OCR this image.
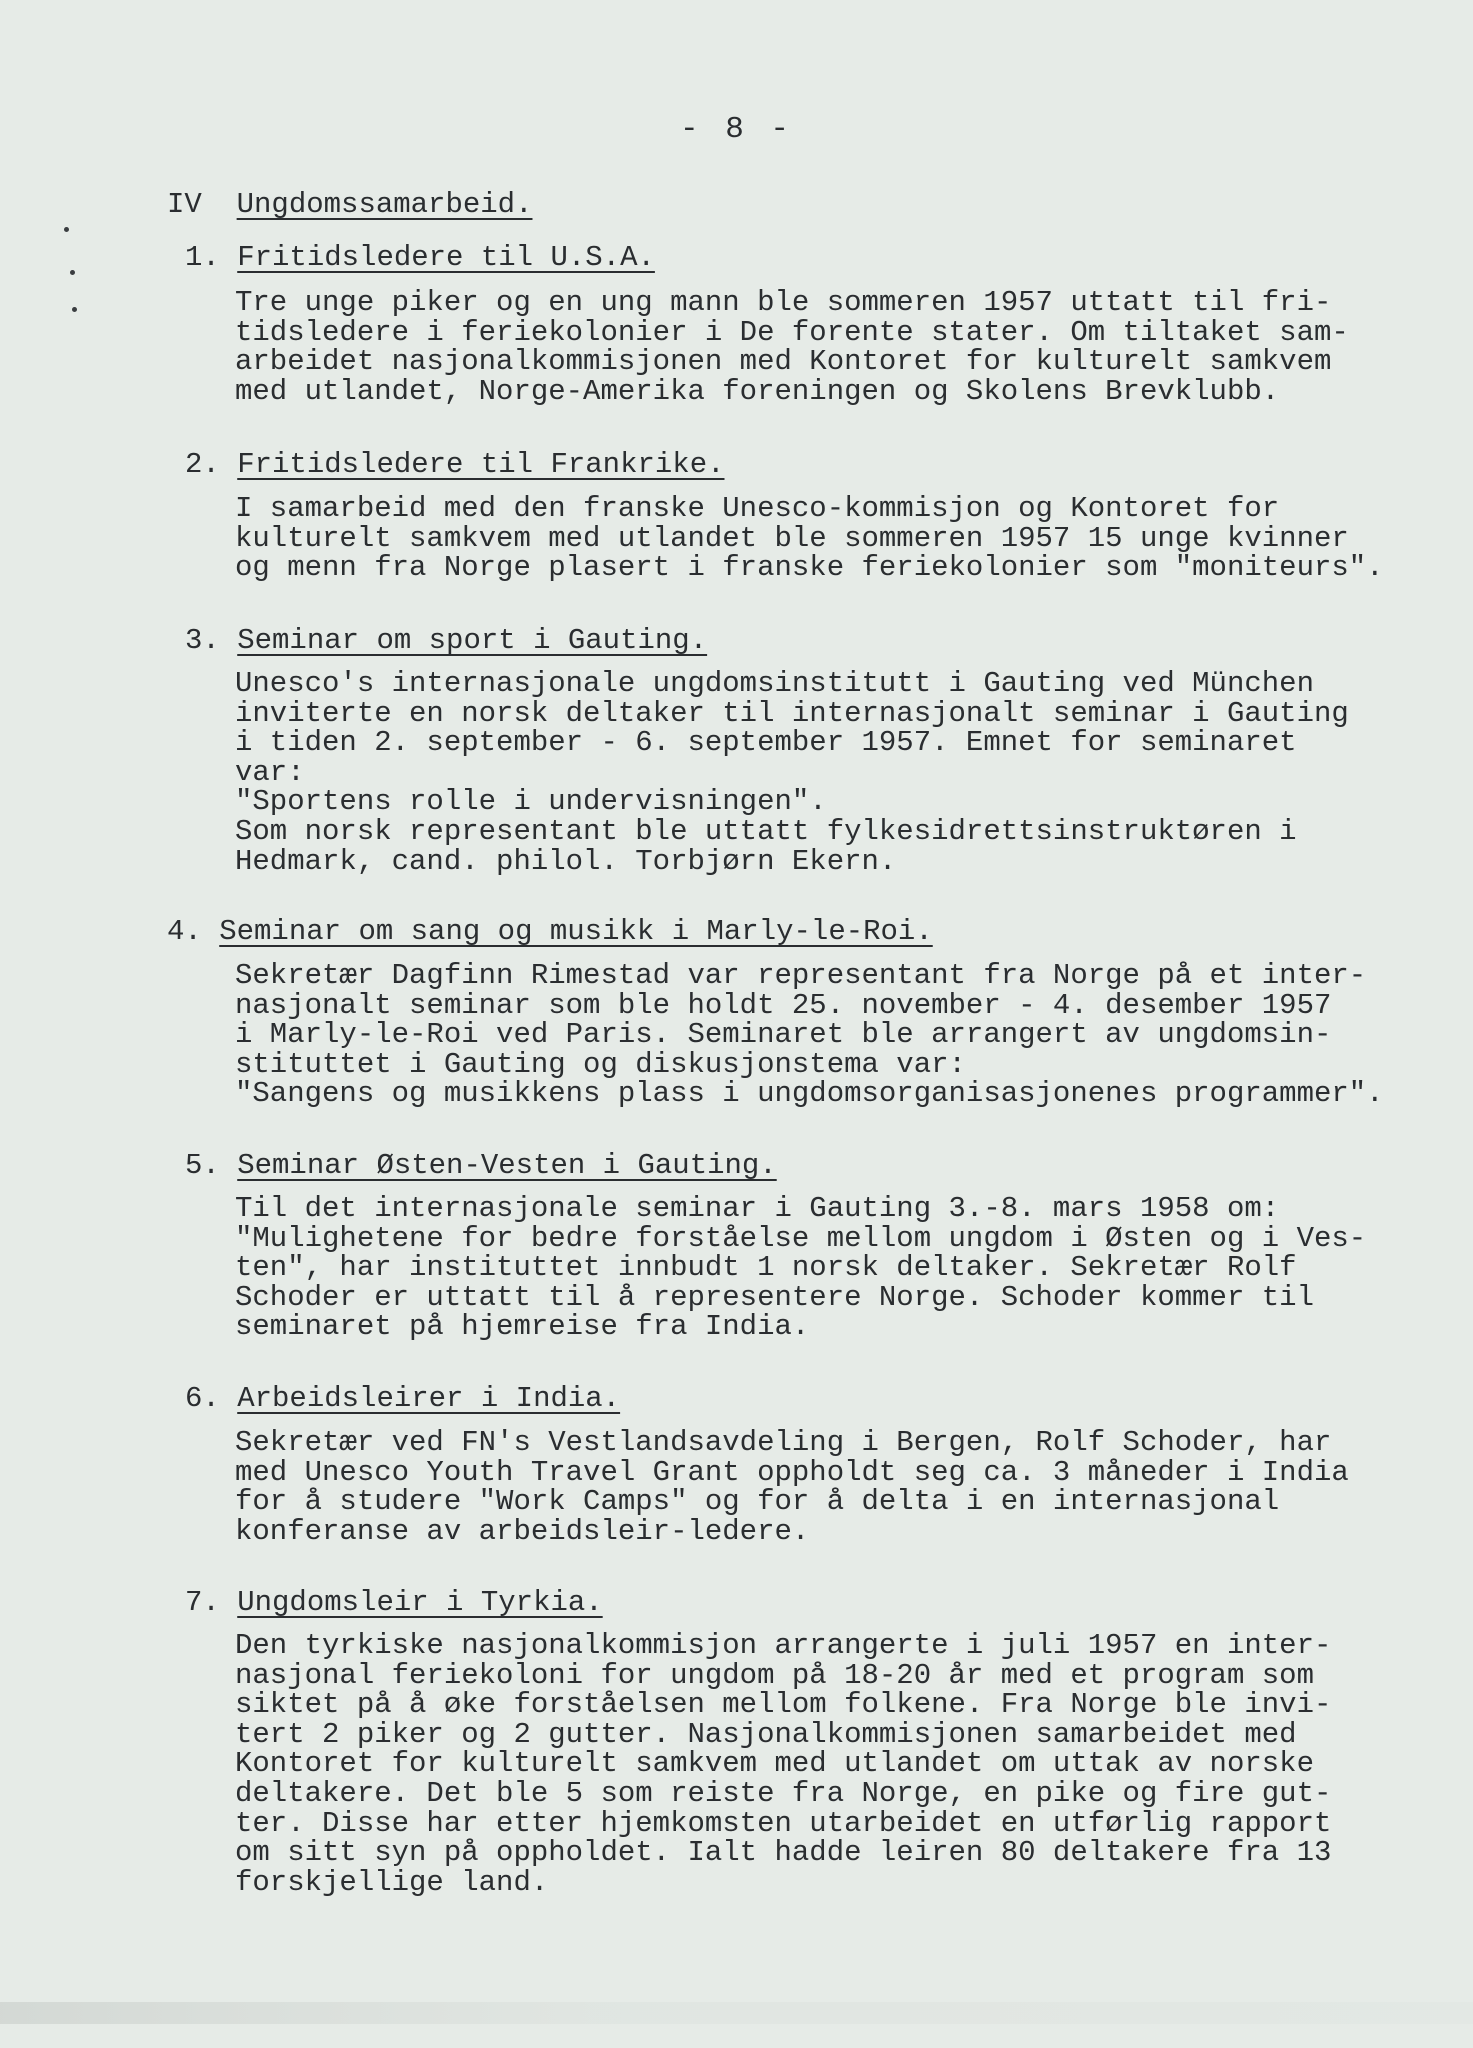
- 8 -
IV Ungdomssamarbeid.
1. Fritidsledere til U.S.A.
Tre unge piker og en ung mann ble sommeren 1957 uttatt til fri-
tidsledere i feriekolonier i De forente stater. Om tiltaket sam-
arbeidet nasjonalkommisjonen med Kontoret for kulturelt samkvem
med utlandet, Norge-Amerika foreningen og Skolens Brevklubb.
2. Fritidsledere til Frankrike.
I samarbeid med den franske Unesco-kommisjon og Kontoret for
kulturelt samkvem med utlandet ble sommeren 1957 15 unge kvinner
og menn fra Norge plasert i franske feriekolonier som "moniteurs".
3. Seminar om sport i Gauting.
Unesco's internasjonale ungdomsinstitutt i Gauting ved München
inviterte en norsk deltaker til internasjonalt seminar i Gauting
i tiden 2. september - 6. september 1957. Emnet for seminaret
var:
"Sportens rolle i undervisningen".
Som norsk representant ble uttatt fylkesidrettsinstruktøren i
Hedmark, cand. philol. Torbjørn Ekern.
4. Seminar om sang og musikk i Marly-le-Roi.
Sekretær Dagfinn Rimestad var representant fra Norge på et inter-
nasjonalt seminar som ble holdt 25. november - 4. desember 1957
i Marly-le-Roi ved Paris. Seminaret ble arrangert av ungdomsin-
stituttet i Gauting og diskusjonstema var:
"Sangens og musikkens plass i ungdomsorganisasjonenes programmer".
5. Seminar Østen-Vesten i Gauting.
Til det internasjonale seminar i Gauting 3.-8. mars 1958 om:
"Mulighetene for bedre forståelse mellom ungdom i Østen og i Ves-
ten", har instituttet innbudt 1 norsk deltaker. Sekretær Rolf
Schoder er uttatt til å representere Norge. Schoder kommer til
seminaret på hjemreise fra India.
6. Arbeidsleirer i India.
Sekretær ved FN's Vestlandsavdeling i Bergen, Rolf Schoder, har
med Unesco Youth Travel Grant oppholdt seg ca. 3 måneder i India
for å studere "Work Camps" og for å delta i en internasjonal
konferanse av arbeidsleir-ledere.
7. Ungdomsleir i Tyrkia.
Den tyrkiske nasjonalkommisjon arrangerte i juli 1957 en inter-
nasjonal feriekoloni for ungdom på 18-20 år med et program som
siktet på å øke forståelsen mellom folkene. Fra Norge ble invi-
tert 2 piker og 2 gutter. Nasjonalkommisjonen samarbeidet med
Kontoret for kulturelt samkvem med utlandet om uttak av norske
deltakere. Det ble 5 som reiste fra Norge, en pike og fire gut-
ter. Disse har etter hjemkomsten utarbeidet en utførlig rapport
om sitt syn på oppholdet. Ialt hadde leiren 80 deltakere fra 13
forskjellige land.
